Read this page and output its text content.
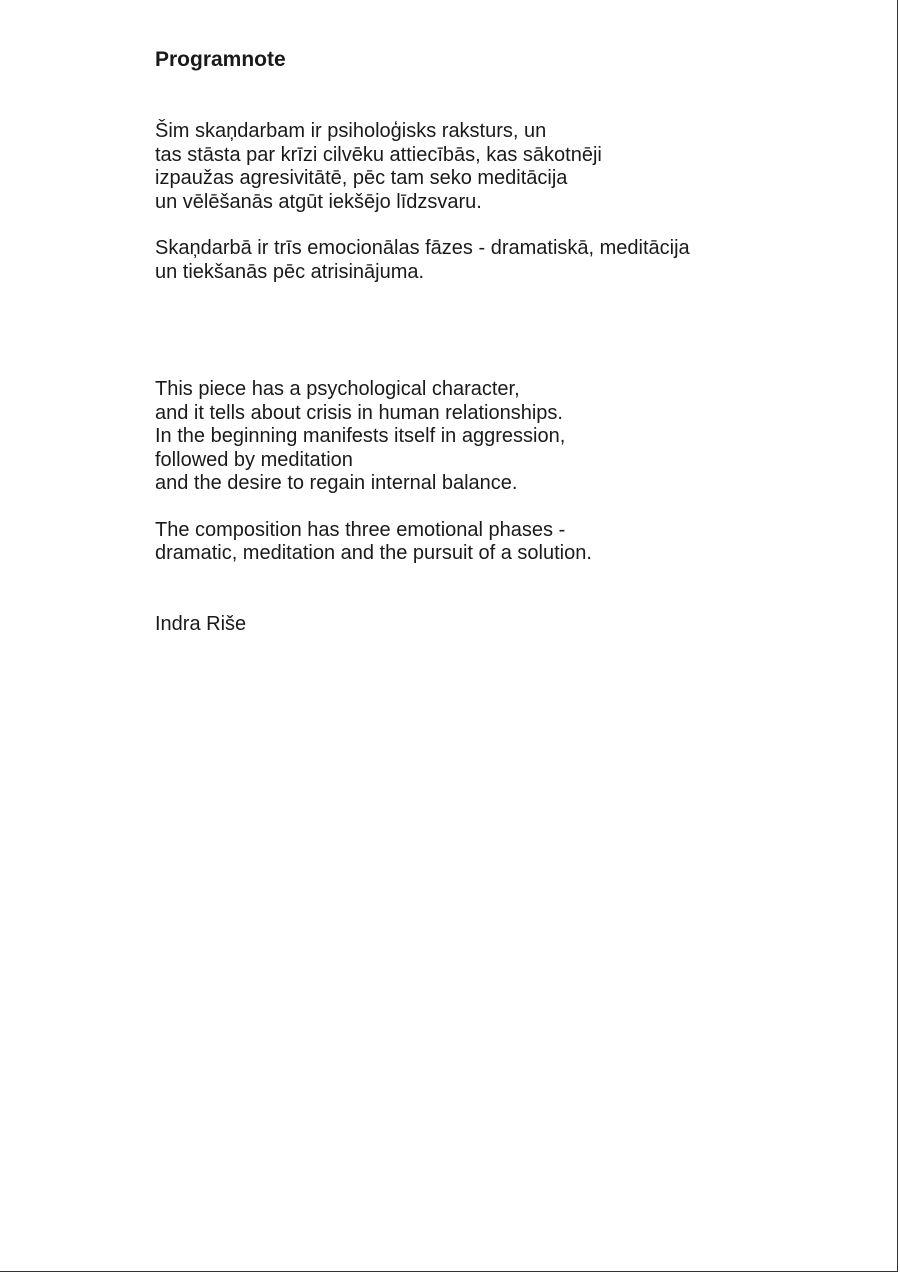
Programnote

Šim skaņdarbam ir psiholoģisks raksturs, un
tas stāsta par krīzi cilvēku attiecībās, kas sākotnēji
izpaužas agresivitātē, pēc tam seko meditācija
un vēlēšanās atgūt iekšējo līdzsvaru.

Skaņdarbā ir trīs emocionālas fāzes - dramatiskā, meditācija
un tiekšanās pēc atrisinājuma.

This piece has a psychological character,
and it tells about crisis in human relationships.
In the beginning manifests itself in aggression,
followed by meditation
and the desire to regain internal balance.

The composition has three emotional phases -
dramatic, meditation and the pursuit of a solution.

Indra Riše
